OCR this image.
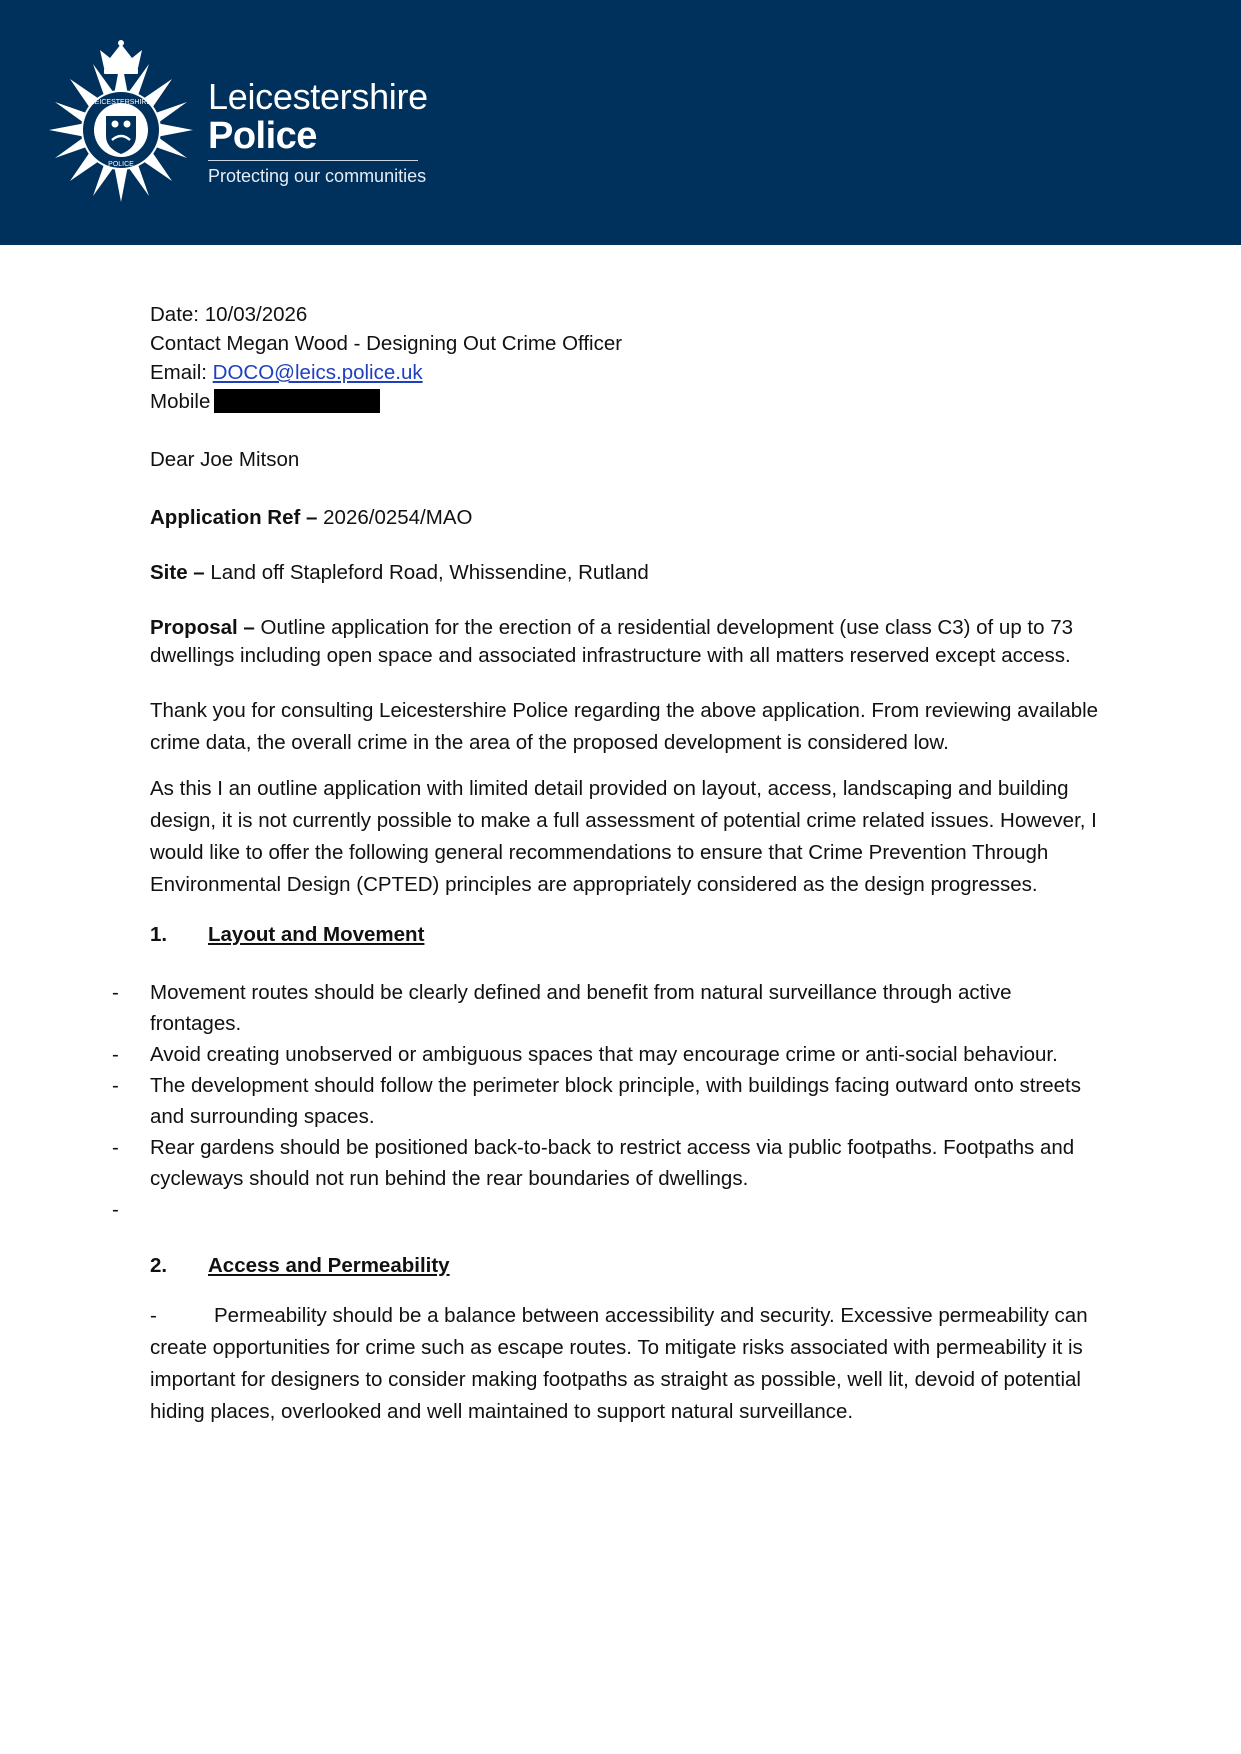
LEICESTERSHIRE
POLICE
Leicestershire
Police
Protecting our communities
Date: 10/03/2026
Contact Megan Wood - Designing Out Crime Officer
Email: DOCO@leics.police.uk
Mobile

Dear Joe Mitson

Application Ref – 2026/0254/MAO

Site – Land off Stapleford Road, Whissendine, Rutland

Proposal – Outline application for the erection of a residential development (use class C3) of up to 73 dwellings including open space and associated infrastructure with all matters reserved except access.

Thank you for consulting Leicestershire Police regarding the above application. From reviewing available crime data, the overall crime in the area of the proposed development is considered low.

As this I an outline application with limited detail provided on layout, access, landscaping and building design, it is not currently possible to make a full assessment of potential crime related issues. However, I would like to offer the following general recommendations to ensure that Crime Prevention Through Environmental Design (CPTED) principles are appropriately considered as the design progresses.

1. Layout and Movement
- Movement routes should be clearly defined and benefit from natural surveillance through active frontages.
- Avoid creating unobserved or ambiguous spaces that may encourage crime or anti-social behaviour.
- The development should follow the perimeter block principle, with buildings facing outward onto streets and surrounding spaces.
- Rear gardens should be positioned back-to-back to restrict access via public footpaths. Footpaths and cycleways should not run behind the rear boundaries of dwellings.
-
2. Access and Permeability

-	Permeability should be a balance between accessibility and security. Excessive permeability can create opportunities for crime such as escape routes. To mitigate risks associated with permeability it is important for designers to consider making footpaths as straight as possible, well lit, devoid of potential hiding places, overlooked and well maintained to support natural surveillance.
